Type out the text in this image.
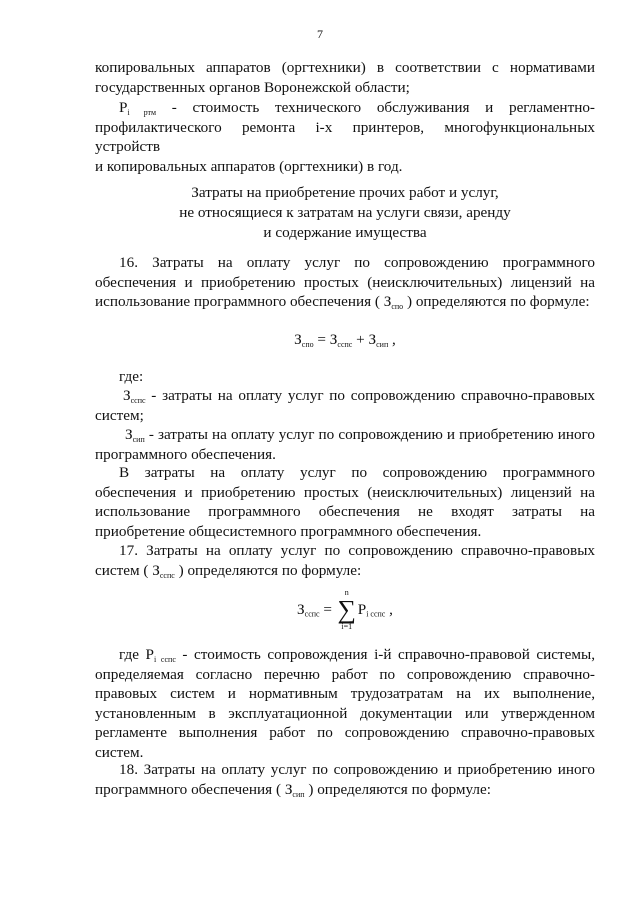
7
копировальных аппаратов (оргтехники) в соответствии с нормативами
государственных органов Воронежской области;
$P_{i ртм}$ - стоимость технического обслуживания и регламентно-
профилактического ремонта i-х принтеров, многофункциональных устройств
и копировальных аппаратов (оргтехники) в год.
Затраты на приобретение прочих работ и услуг,
не относящиеся к затратам на услуги связи, аренду
и содержание имущества
16. Затраты на оплату услуг по сопровождению программного
обеспечения и приобретению простых (неисключительных) лицензий на
использование программного обеспечения ( $З_{спо}$ ) определяются по формуле:
$З_{спо} = З_{сспс} + З_{сип}$ ,
где:
$З_{сспс}$ - затраты на оплату услуг по сопровождению справочно-правовых
систем;
$З_{сип}$ - затраты на оплату услуг по сопровождению и приобретению иного
программного обеспечения.
В затраты на оплату услуг по сопровождению программного
обеспечения и приобретению простых (неисключительных) лицензий на
использование программного обеспечения не входят затраты на
приобретение общесистемного программного обеспечения.
17. Затраты на оплату услуг по сопровождению справочно-правовых
систем ( $З_{сспс}$ ) определяются по формуле:
$З_{сспс}$ =
n
∑
i=1
$P_{i сспс}$ ,
где $P_{i сспс}$ - стоимость сопровождения i-й справочно-правовой системы,
определяемая согласно перечню работ по сопровождению справочно-
правовых систем и нормативным трудозатратам на их выполнение,
установленным в эксплуатационной документации или утвержденном
регламенте выполнения работ по сопровождению справочно-правовых
систем.
18. Затраты на оплату услуг по сопровождению и приобретению иного
программного обеспечения ( $З_{сип}$ ) определяются по формуле:
